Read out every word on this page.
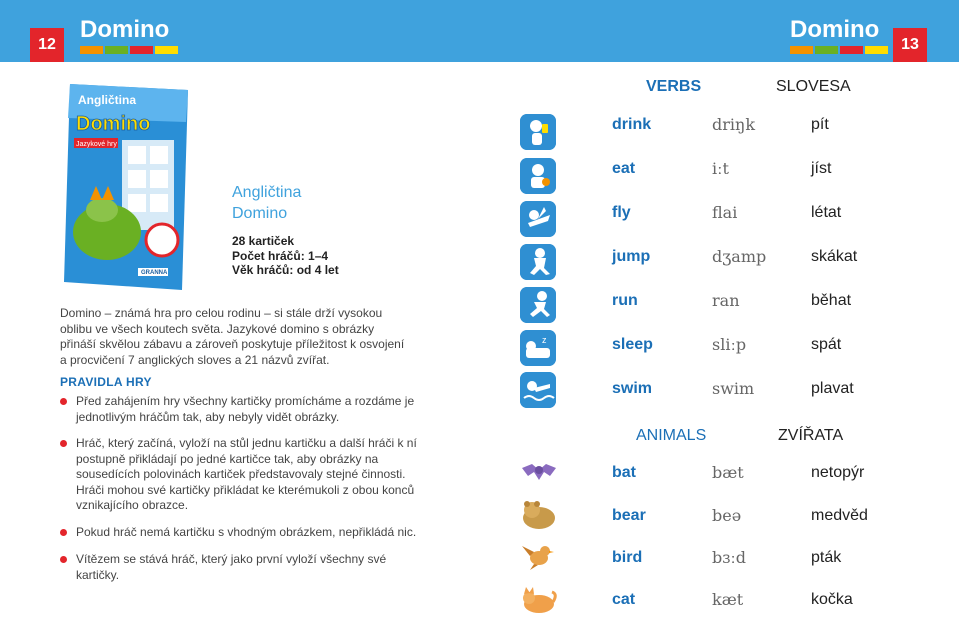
12
Domino	Domino
13
Angličtina
Domino
Jazykové hry
GRANNA
Angličtina
Domino
28 kartiček
Počet hráčů: 1–4
Věk hráčů: od 4 let
Domino – známá hra pro celou rodinu – si stále drží vysokou oblibu ve všech koutech světa. Jazykové domino s obrázky přináší skvělou zábavu a zároveň poskytuje příležitost k osvojení a procvičení 7 anglických sloves a 21 názvů zvířat.
PRAVIDLA HRY
Před zahájením hry všechny kartičky promícháme a rozdáme je jednotlivým hráčům tak, aby nebyly vidět obrázky.
Hráč, který začíná, vyloží na stůl jednu kartičku a další hráči k ní postupně přikládají po jedné kartičce tak, aby obrázky na sousedících polovinách kartiček představovaly stejné činnosti. Hráči mohou své kartičky přikládat ke kterémukoli z obou konců vznikajícího obrazce.
Pokud hráč nemá kartičku s vhodným obrázkem, nepřikládá nic.
Vítězem se stává hráč, který jako první vyloží všechny své kartičky.
VERBS	SLOVESA
drink	driŋk	pít
eat	iːt	jíst
fly	flai	létat
jump	dʒamp	skákat
run	ran	běhat
z	sleep	sliːp	spát
swim	swim	plavat
ANIMALS	ZVÍŘATA
bat	bæt	netopýr
bear	beə	medvěd
bird	bɜːd	pták
cat	kæt	kočka
